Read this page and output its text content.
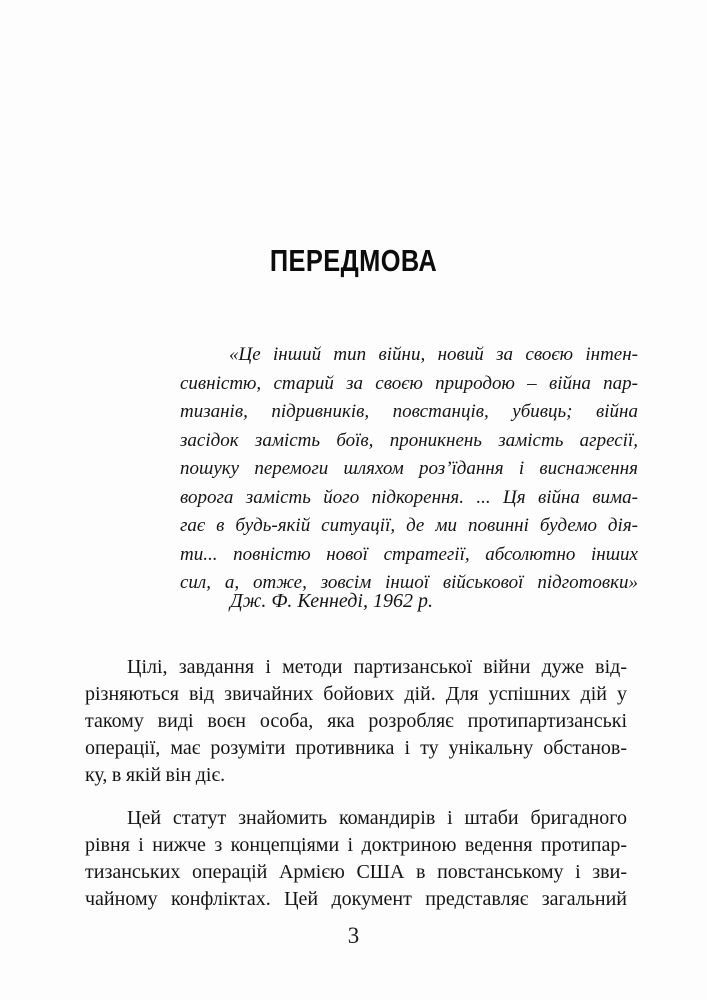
ПЕРЕДМОВА
«Це інший тип війни, новий за своєю інтен-
сивністю, старий за своєю природою – війна пар-
тизанів, підривників, повстанців, убивць; війна
засідок замість боїв, проникнень замість агресії,
пошуку перемоги шляхом роз’їдання і виснаження
ворога замість його підкорення. ... Ця війна вима-
гає в будь-якій ситуації, де ми повинні будемо дія-
ти... повністю нової стратегії, абсолютно інших
сил, а, отже, зовсім іншої військової підготовки»
Дж. Ф. Кеннеді, 1962 р.
Цілі, завдання і методи партизанської війни дуже від-
різняються від звичайних бойових дій. Для успішних дій у
такому виді воєн особа, яка розробляє протипартизанські
операції, має розуміти противника і ту унікальну обстанов-
ку, в якій він діє.
Цей статут знайомить командирів і штаби бригадного
рівня і нижче з концепціями і доктриною ведення протипар-
тизанських операцій Армією США в повстанському і зви-
чайному конфліктах. Цей документ представляє загальний
3
